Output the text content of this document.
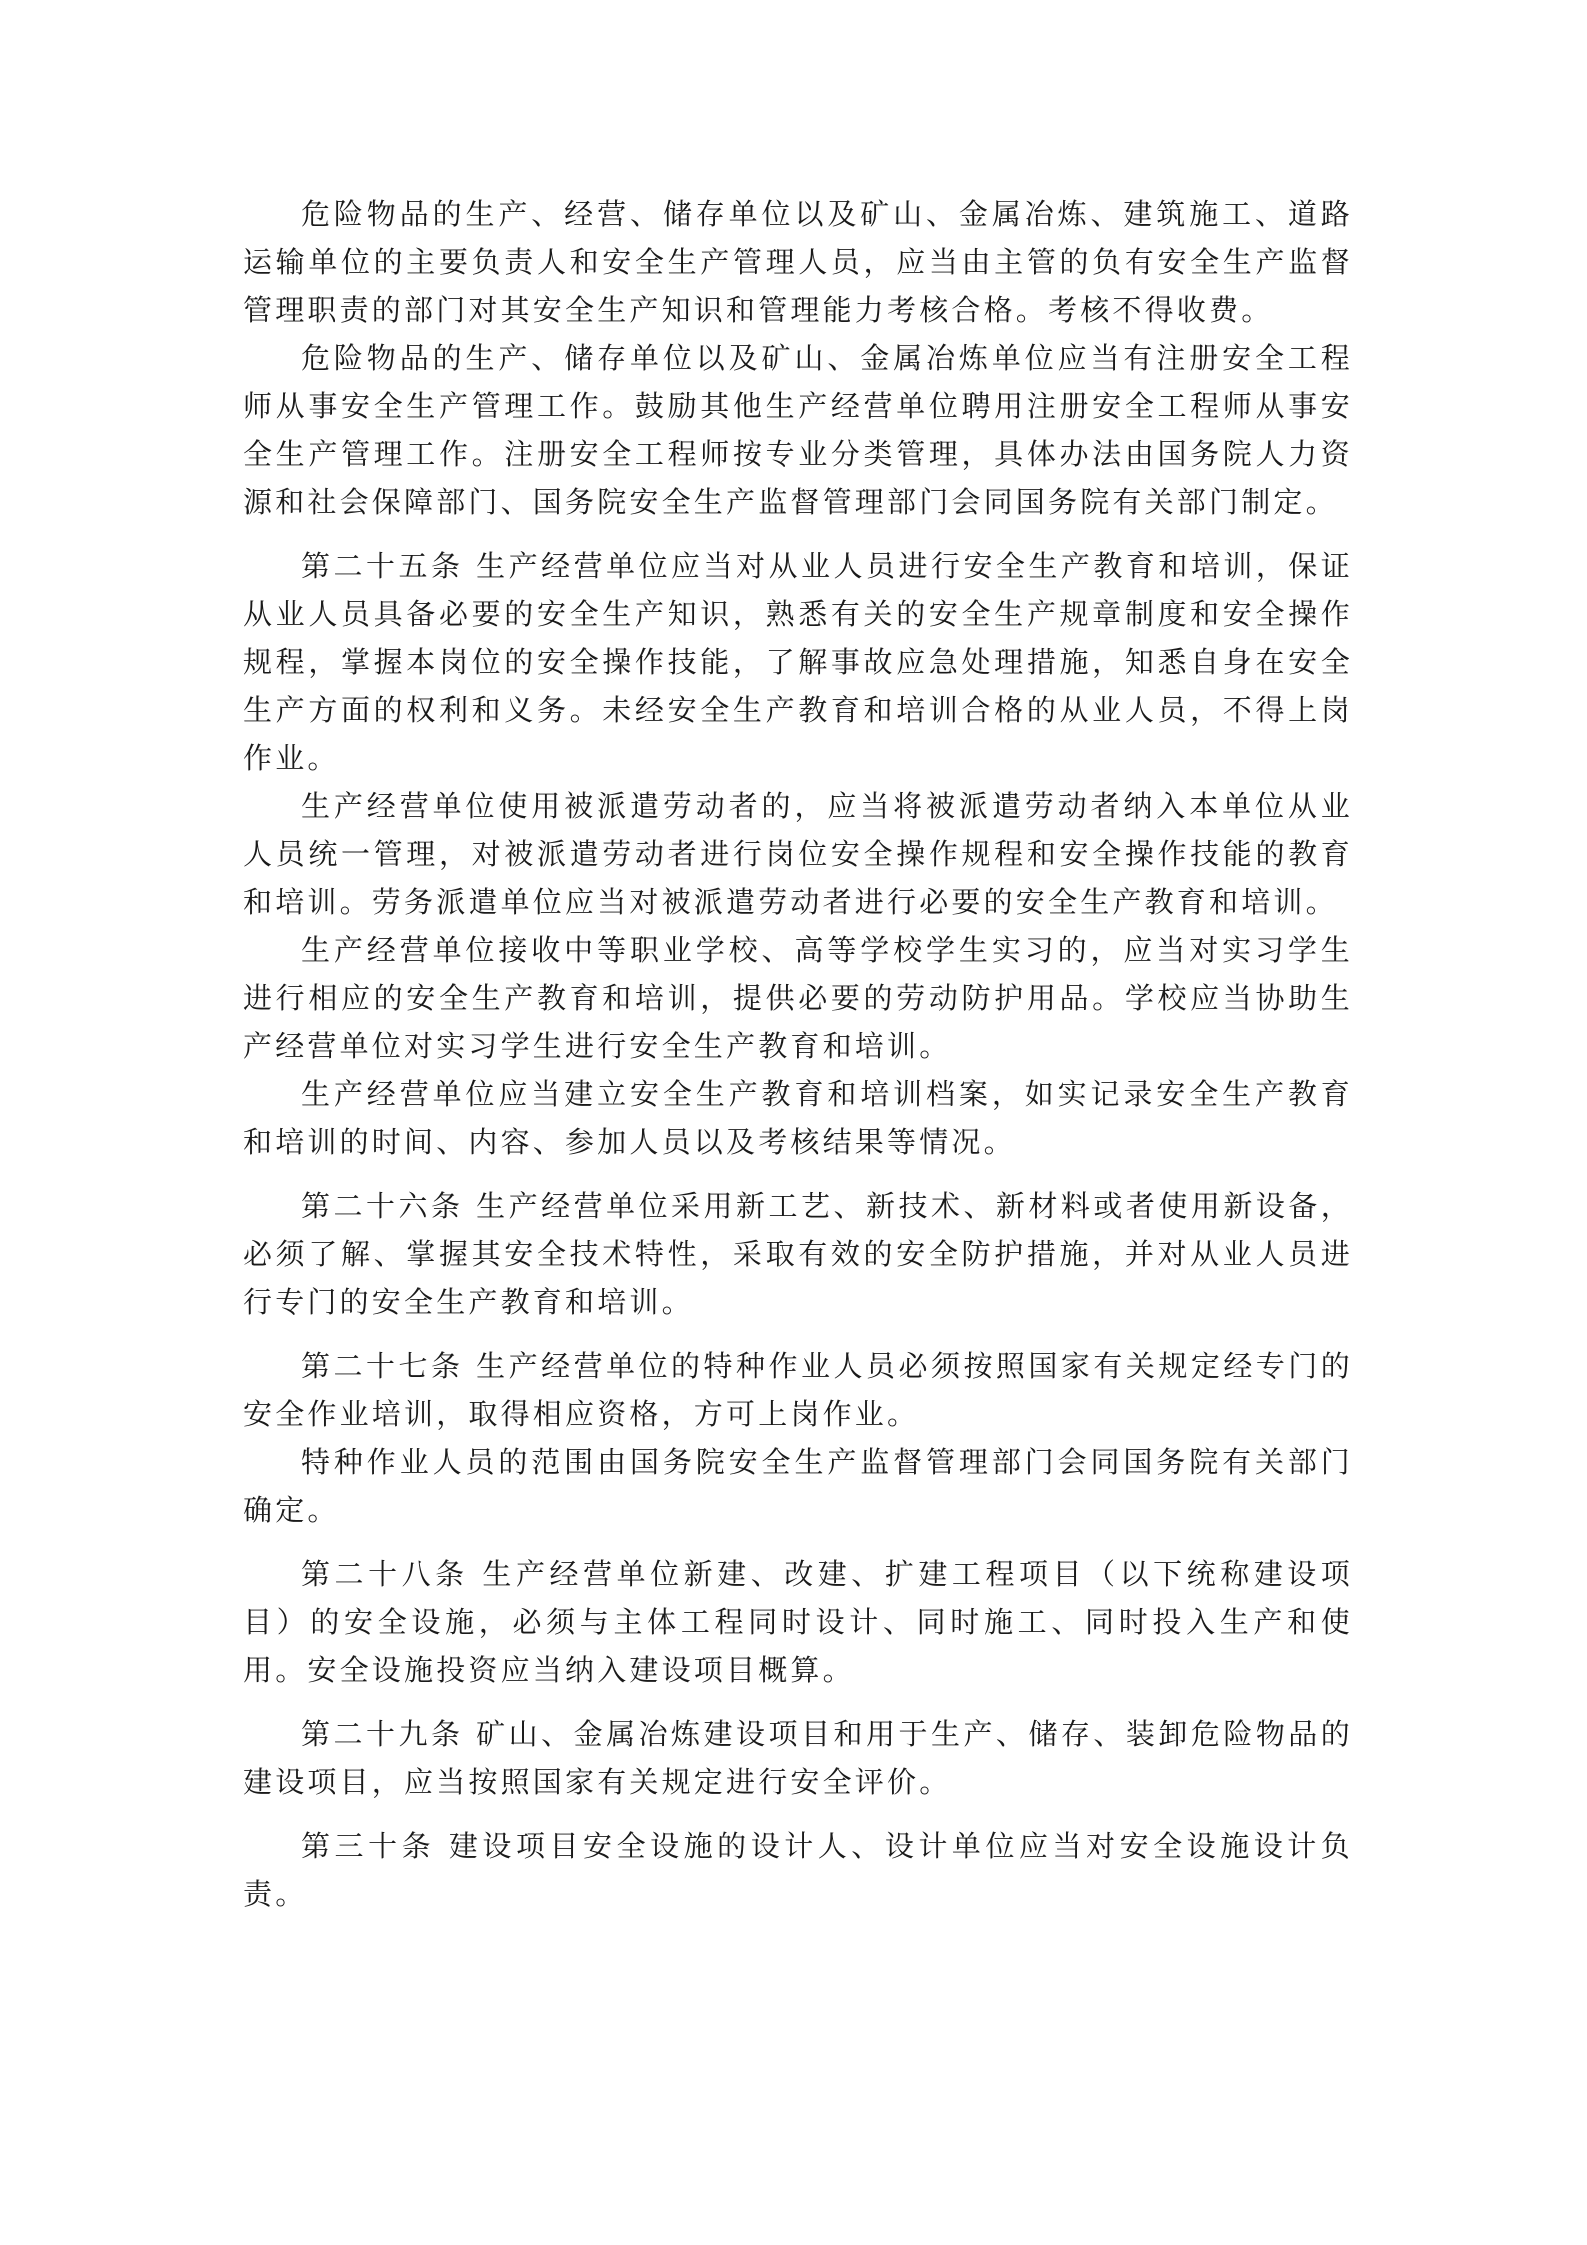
危险物品的生产、经营、储存单位以及矿山、金属冶炼、建筑施工、道路运输单位的主要负责人和安全生产管理人员，应当由主管的负有安全生产监督管理职责的部门对其安全生产知识和管理能力考核合格。考核不得收费。

危险物品的生产、储存单位以及矿山、金属冶炼单位应当有注册安全工程师从事安全生产管理工作。鼓励其他生产经营单位聘用注册安全工程师从事安全生产管理工作。注册安全工程师按专业分类管理，具体办法由国务院人力资源和社会保障部门、国务院安全生产监督管理部门会同国务院有关部门制定。

第二十五条 生产经营单位应当对从业人员进行安全生产教育和培训，保证从业人员具备必要的安全生产知识，熟悉有关的安全生产规章制度和安全操作规程，掌握本岗位的安全操作技能，了解事故应急处理措施，知悉自身在安全生产方面的权利和义务。未经安全生产教育和培训合格的从业人员，不得上岗作业。

生产经营单位使用被派遣劳动者的，应当将被派遣劳动者纳入本单位从业人员统一管理，对被派遣劳动者进行岗位安全操作规程和安全操作技能的教育和培训。劳务派遣单位应当对被派遣劳动者进行必要的安全生产教育和培训。

生产经营单位接收中等职业学校、高等学校学生实习的，应当对实习学生进行相应的安全生产教育和培训，提供必要的劳动防护用品。学校应当协助生产经营单位对实习学生进行安全生产教育和培训。

生产经营单位应当建立安全生产教育和培训档案，如实记录安全生产教育和培训的时间、内容、参加人员以及考核结果等情况。

第二十六条 生产经营单位采用新工艺、新技术、新材料或者使用新设备，必须了解、掌握其安全技术特性，采取有效的安全防护措施，并对从业人员进行专门的安全生产教育和培训。

第二十七条 生产经营单位的特种作业人员必须按照国家有关规定经专门的安全作业培训，取得相应资格，方可上岗作业。

特种作业人员的范围由国务院安全生产监督管理部门会同国务院有关部门确定。

第二十八条 生产经营单位新建、改建、扩建工程项目（以下统称建设项目）的安全设施，必须与主体工程同时设计、同时施工、同时投入生产和使用。安全设施投资应当纳入建设项目概算。

第二十九条 矿山、金属冶炼建设项目和用于生产、储存、装卸危险物品的建设项目，应当按照国家有关规定进行安全评价。

第三十条 建设项目安全设施的设计人、设计单位应当对安全设施设计负责。
